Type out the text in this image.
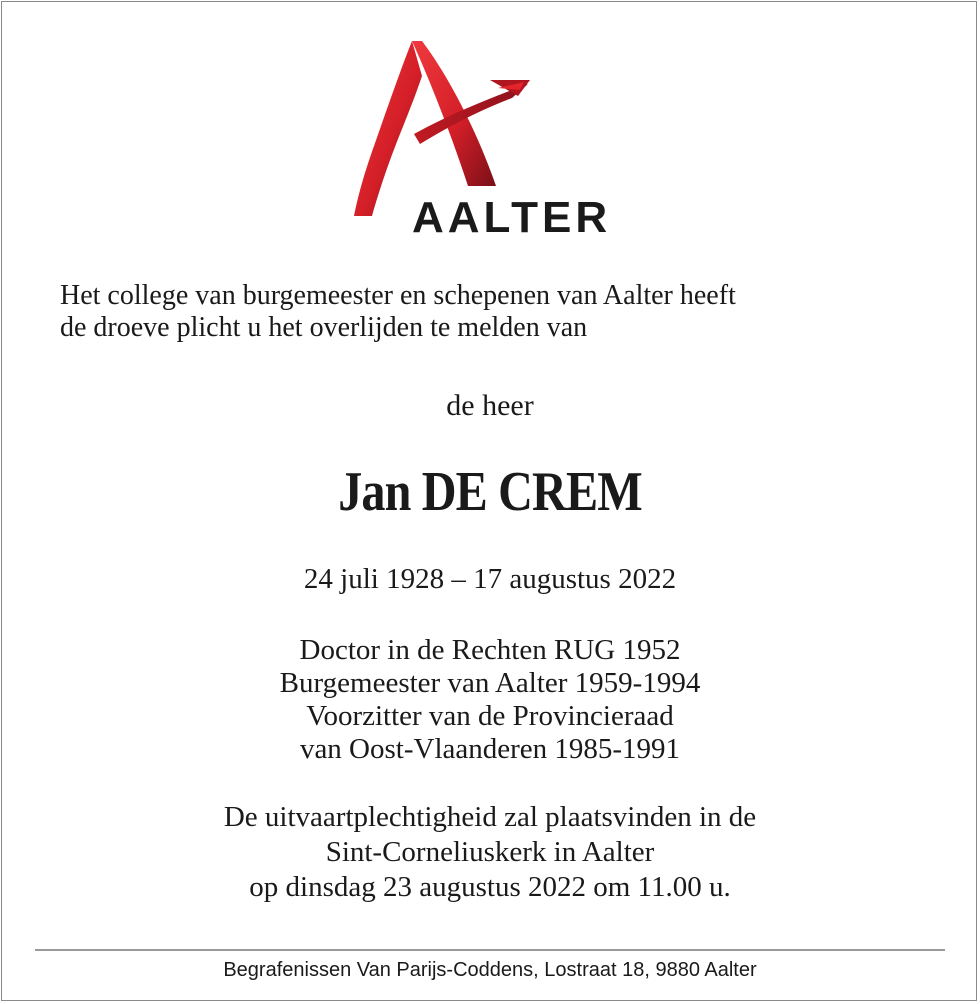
AALTER

Het college van burgemeester en schepenen van Aalter heeft

de droeve plicht u het overlijden te melden van

de heer
Jan DE CREM
24 juli 1928 – 17 augustus 2022
Doctor in de Rechten RUG 1952
Burgemeester van Aalter 1959-1994
Voorzitter van de Provincieraad
van Oost-Vlaanderen 1985-1991
De uitvaartplechtigheid zal plaatsvinden in de
Sint-Corneliuskerk in Aalter
op dinsdag 23 augustus 2022 om 11.00 u.
Begrafenissen Van Parijs-Coddens, Lostraat 18, 9880 Aalter
